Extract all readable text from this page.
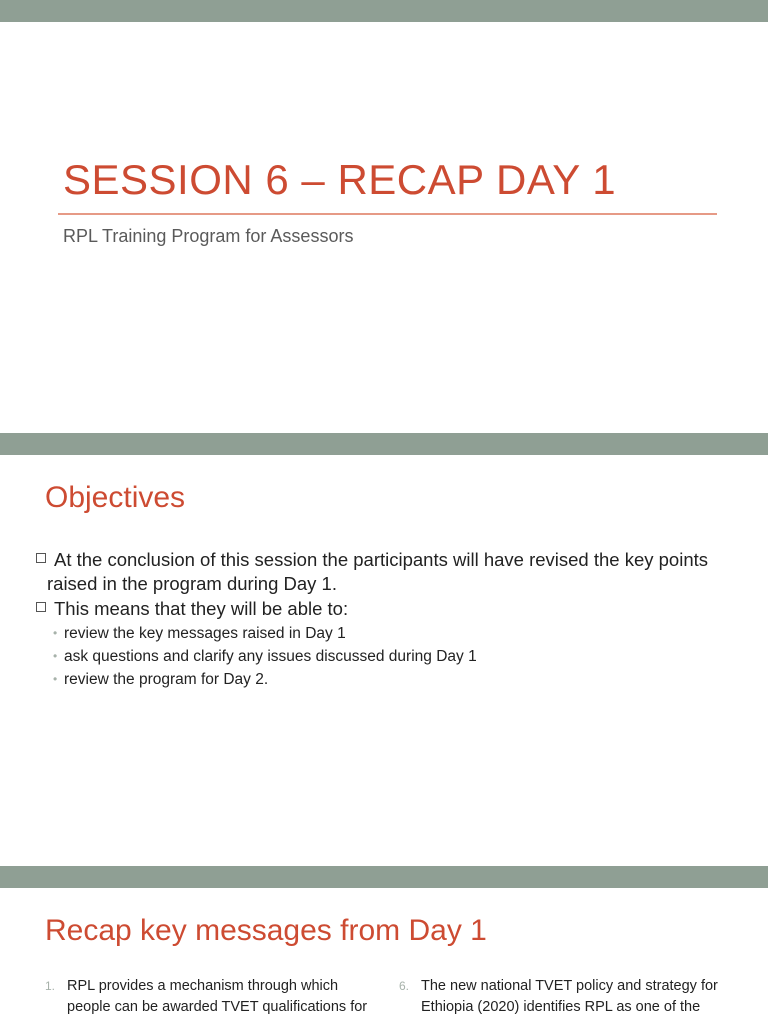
SESSION 6 – RECAP DAY 1
RPL Training Program for Assessors
Objectives
At the conclusion of this session the participants will have revised the key points raised in the program during Day 1.
This means that they will be able to:
• review the key messages raised in Day 1
• ask questions and clarify any issues discussed during Day 1
• review the program for Day 2.
Recap key messages from Day 1
1. RPL provides a mechanism through which people can be awarded TVET qualifications for
6. The new national TVET policy and strategy for Ethiopia (2020) identifies RPL as one of the
